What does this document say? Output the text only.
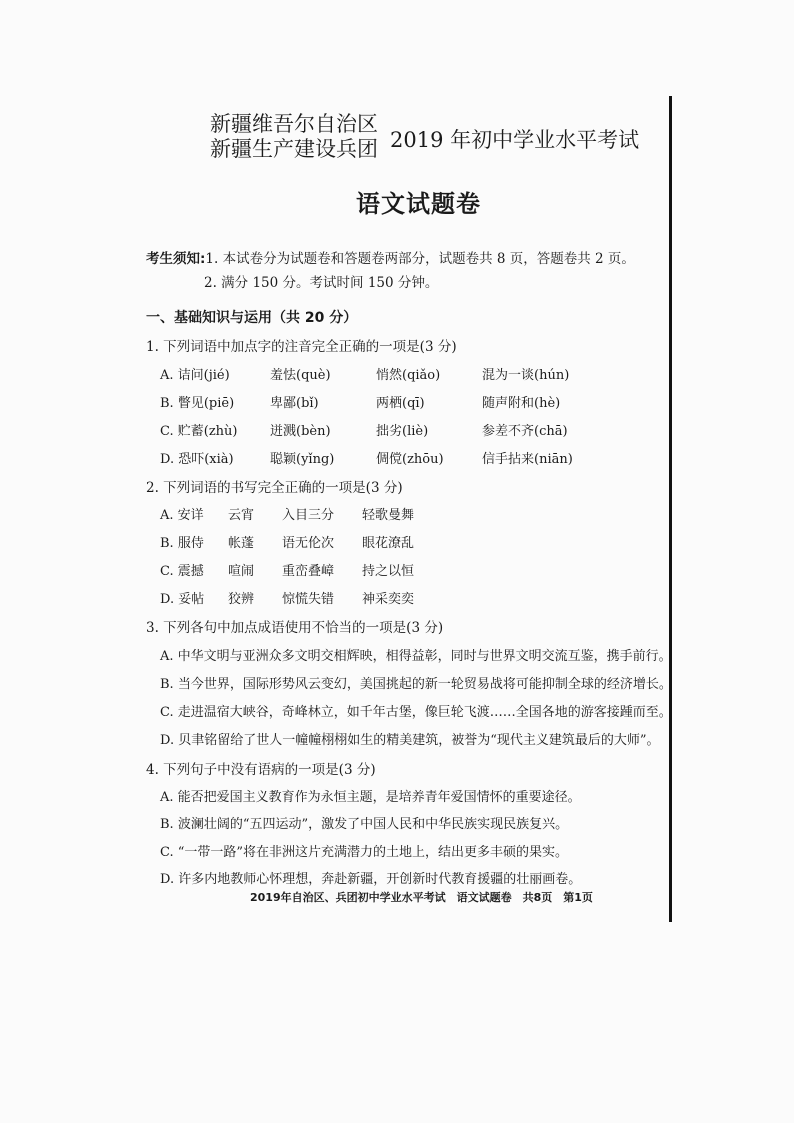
新疆维吾尔自治区
新疆生产建设兵团 2019 年初中学业水平考试
语文试题卷
考生须知:1. 本试卷分为试题卷和答题卷两部分，试题卷共 8 页，答题卷共 2 页。
2. 满分 150 分。考试时间 150 分钟。
一、基础知识与运用（共 20 分）
1. 下列词语中加点字的注音完全正确的一项是(3 分)
A. 诘问(jié)	羞怯(què)	悄然(qiǎo)	混为一谈(hún)
B. 瞥见(piē)	卑鄙(bǐ)	两栖(qī)	随声附和(hè)
C. 贮蓄(zhù)	迸溅(bèn)	拙劣(liè)	参差不齐(chā)
D. 恐吓(xià)	聪颖(yǐng)	倜傥(zhōu)	信手拈来(niān)
2. 下列词语的书写完全正确的一项是(3 分)
A. 安详 云宵 入目三分 轻歌曼舞
B. 服侍 帐蓬 语无伦次 眼花潦乱
C. 震撼 喧闹 重峦叠嶂 持之以恒
D. 妥帖 狡辨 惊慌失错 神采奕奕
3. 下列各句中加点成语使用不恰当的一项是(3 分)
A. 中华文明与亚洲众多文明交相辉映，相得益彰，同时与世界文明交流互鉴，携手前行。
B. 当今世界，国际形势风云变幻，美国挑起的新一轮贸易战将可能抑制全球的经济增长。
C. 走进温宿大峡谷，奇峰林立，如千年古堡，像巨轮飞渡……全国各地的游客接踵而至。
D. 贝聿铭留给了世人一幢幢栩栩如生的精美建筑，被誉为“现代主义建筑最后的大师”。
4. 下列句子中没有语病的一项是(3 分)
A. 能否把爱国主义教育作为永恒主题，是培养青年爱国情怀的重要途径。
B. 波澜壮阔的“五四运动”，激发了中国人民和中华民族实现民族复兴。
C. “一带一路”将在非洲这片充满潜力的土地上，结出更多丰硕的果实。
D. 许多内地教师心怀理想，奔赴新疆，开创新时代教育援疆的壮丽画卷。
2019年自治区、兵团初中学业水平考试　语文试题卷　共8页　第1页
